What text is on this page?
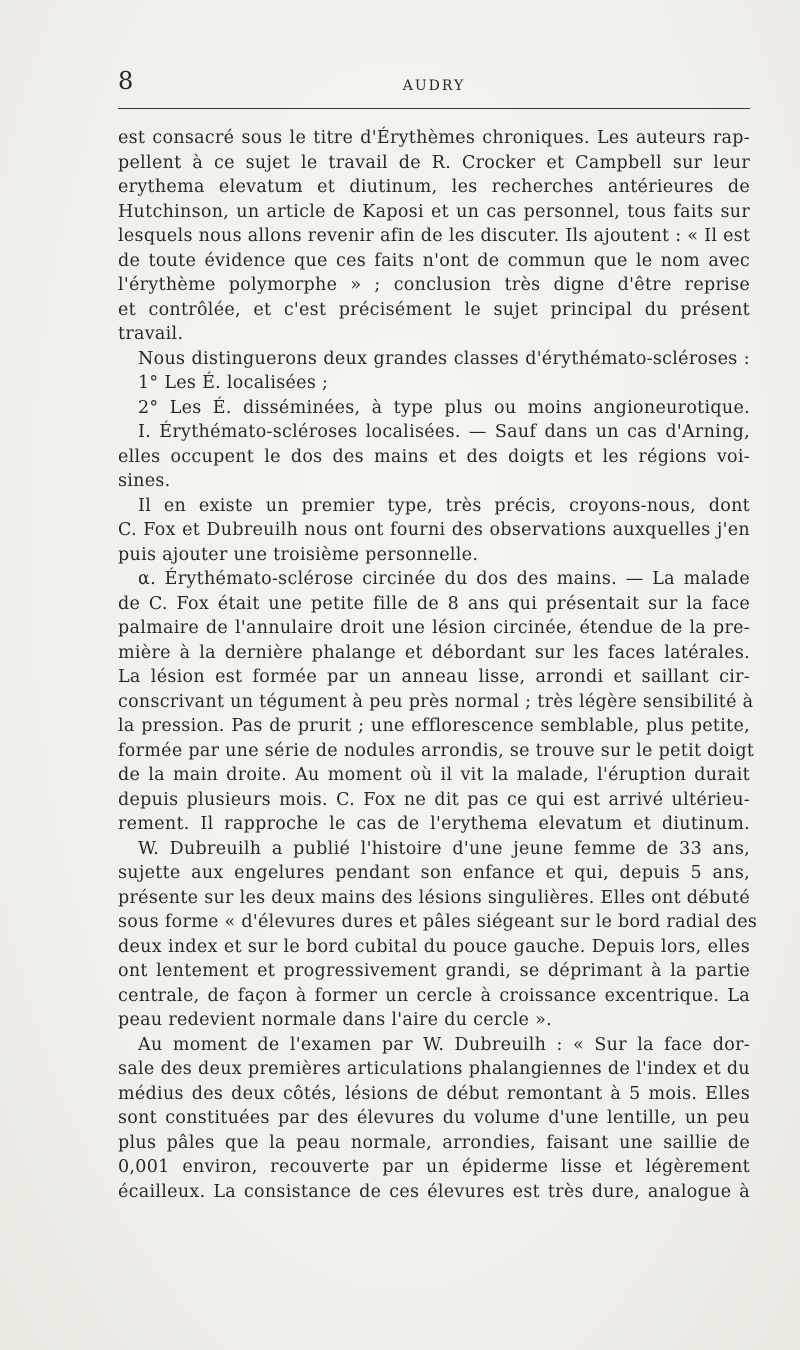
8	AUDRY
est consacré sous le titre d'Érythèmes chroniques. Les auteurs rap-
pellent à ce sujet le travail de R. Crocker et Campbell sur leur
erythema elevatum et diutinum, les recherches antérieures de
Hutchinson, un article de Kaposi et un cas personnel, tous faits sur
lesquels nous allons revenir afin de les discuter. Ils ajoutent : « Il est
de toute évidence que ces faits n'ont de commun que le nom avec
l'érythème polymorphe » ; conclusion très digne d'être reprise
et contrôlée, et c'est précisément le sujet principal du présent
travail.
Nous distinguerons deux grandes classes d'érythémato-scléroses :
1° Les É. localisées ;
2° Les É. disséminées, à type plus ou moins angioneurotique.
I. Érythémato-scléroses localisées. — Sauf dans un cas d'Arning,
elles occupent le dos des mains et des doigts et les régions voi-
sines.
Il en existe un premier type, très précis, croyons-nous, dont
C. Fox et Dubreuilh nous ont fourni des observations auxquelles j'en
puis ajouter une troisième personnelle.
α. Érythémato-sclérose circinée du dos des mains. — La malade
de C. Fox était une petite fille de 8 ans qui présentait sur la face
palmaire de l'annulaire droit une lésion circinée, étendue de la pre-
mière à la dernière phalange et débordant sur les faces latérales.
La lésion est formée par un anneau lisse, arrondi et saillant cir-
conscrivant un tégument à peu près normal ; très légère sensibilité à
la pression. Pas de prurit ; une efflorescence semblable, plus petite,
formée par une série de nodules arrondis, se trouve sur le petit doigt
de la main droite. Au moment où il vit la malade, l'éruption durait
depuis plusieurs mois. C. Fox ne dit pas ce qui est arrivé ultérieu-
rement. Il rapproche le cas de l'erythema elevatum et diutinum.
W. Dubreuilh a publié l'histoire d'une jeune femme de 33 ans,
sujette aux engelures pendant son enfance et qui, depuis 5 ans,
présente sur les deux mains des lésions singulières. Elles ont débuté
sous forme « d'élevures dures et pâles siégeant sur le bord radial des
deux index et sur le bord cubital du pouce gauche. Depuis lors, elles
ont lentement et progressivement grandi, se déprimant à la partie
centrale, de façon à former un cercle à croissance excentrique. La
peau redevient normale dans l'aire du cercle ».
Au moment de l'examen par W. Dubreuilh : « Sur la face dor-
sale des deux premières articulations phalangiennes de l'index et du
médius des deux côtés, lésions de début remontant à 5 mois. Elles
sont constituées par des élevures du volume d'une lentille, un peu
plus pâles que la peau normale, arrondies, faisant une saillie de
0,001 environ, recouverte par un épiderme lisse et légèrement
écailleux. La consistance de ces élevures est très dure, analogue à
